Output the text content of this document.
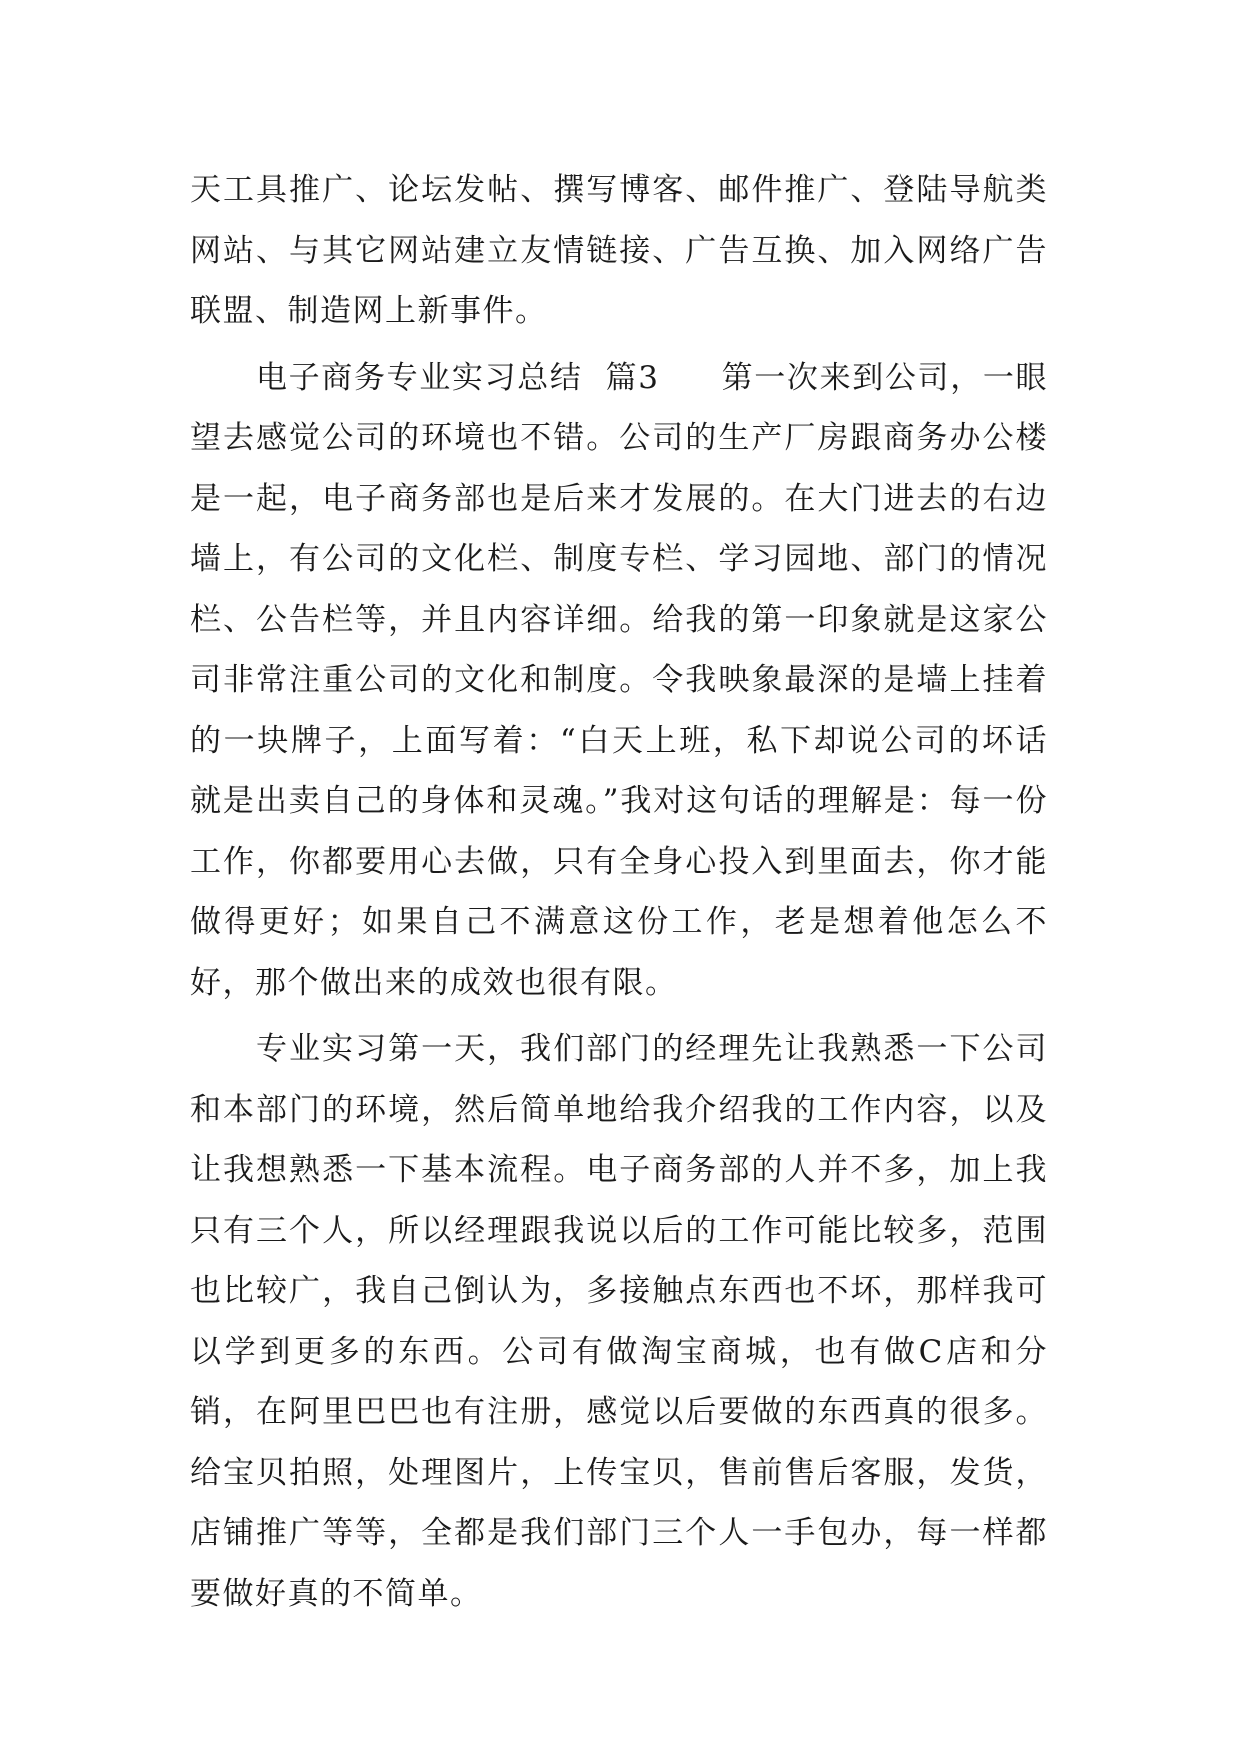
天工具推广、论坛发帖、撰写博客、邮件推广、登陆导航类网站、与其它网站建立友情链接、广告互换、加入网络广告联盟、制造网上新事件。

电子商务专业实习总结  篇3 第一次来到公司，一眼望去感觉公司的环境也不错。公司的生产厂房跟商务办公楼是一起，电子商务部也是后来才发展的。在大门进去的右边墙上，有公司的文化栏、制度专栏、学习园地、部门的情况栏、公告栏等，并且内容详细。给我的第一印象就是这家公司非常注重公司的文化和制度。令我映象最深的是墙上挂着的一块牌子，上面写着：“白天上班，私下却说公司的坏话就是出卖自己的身体和灵魂。”我对这句话的理解是：每一份工作，你都要用心去做，只有全身心投入到里面去，你才能做得更好；如果自己不满意这份工作，老是想着他怎么不好，那个做出来的成效也很有限。

专业实习第一天，我们部门的经理先让我熟悉一下公司和本部门的环境，然后简单地给我介绍我的工作内容，以及让我想熟悉一下基本流程。电子商务部的人并不多，加上我只有三个人，所以经理跟我说以后的工作可能比较多，范围也比较广，我自己倒认为，多接触点东西也不坏，那样我可以学到更多的东西。公司有做淘宝商城，也有做C店和分销，在阿里巴巴也有注册，感觉以后要做的东西真的很多。给宝贝拍照，处理图片，上传宝贝，售前售后客服，发货，店铺推广等等，全都是我们部门三个人一手包办，每一样都要做好真的不简单。
